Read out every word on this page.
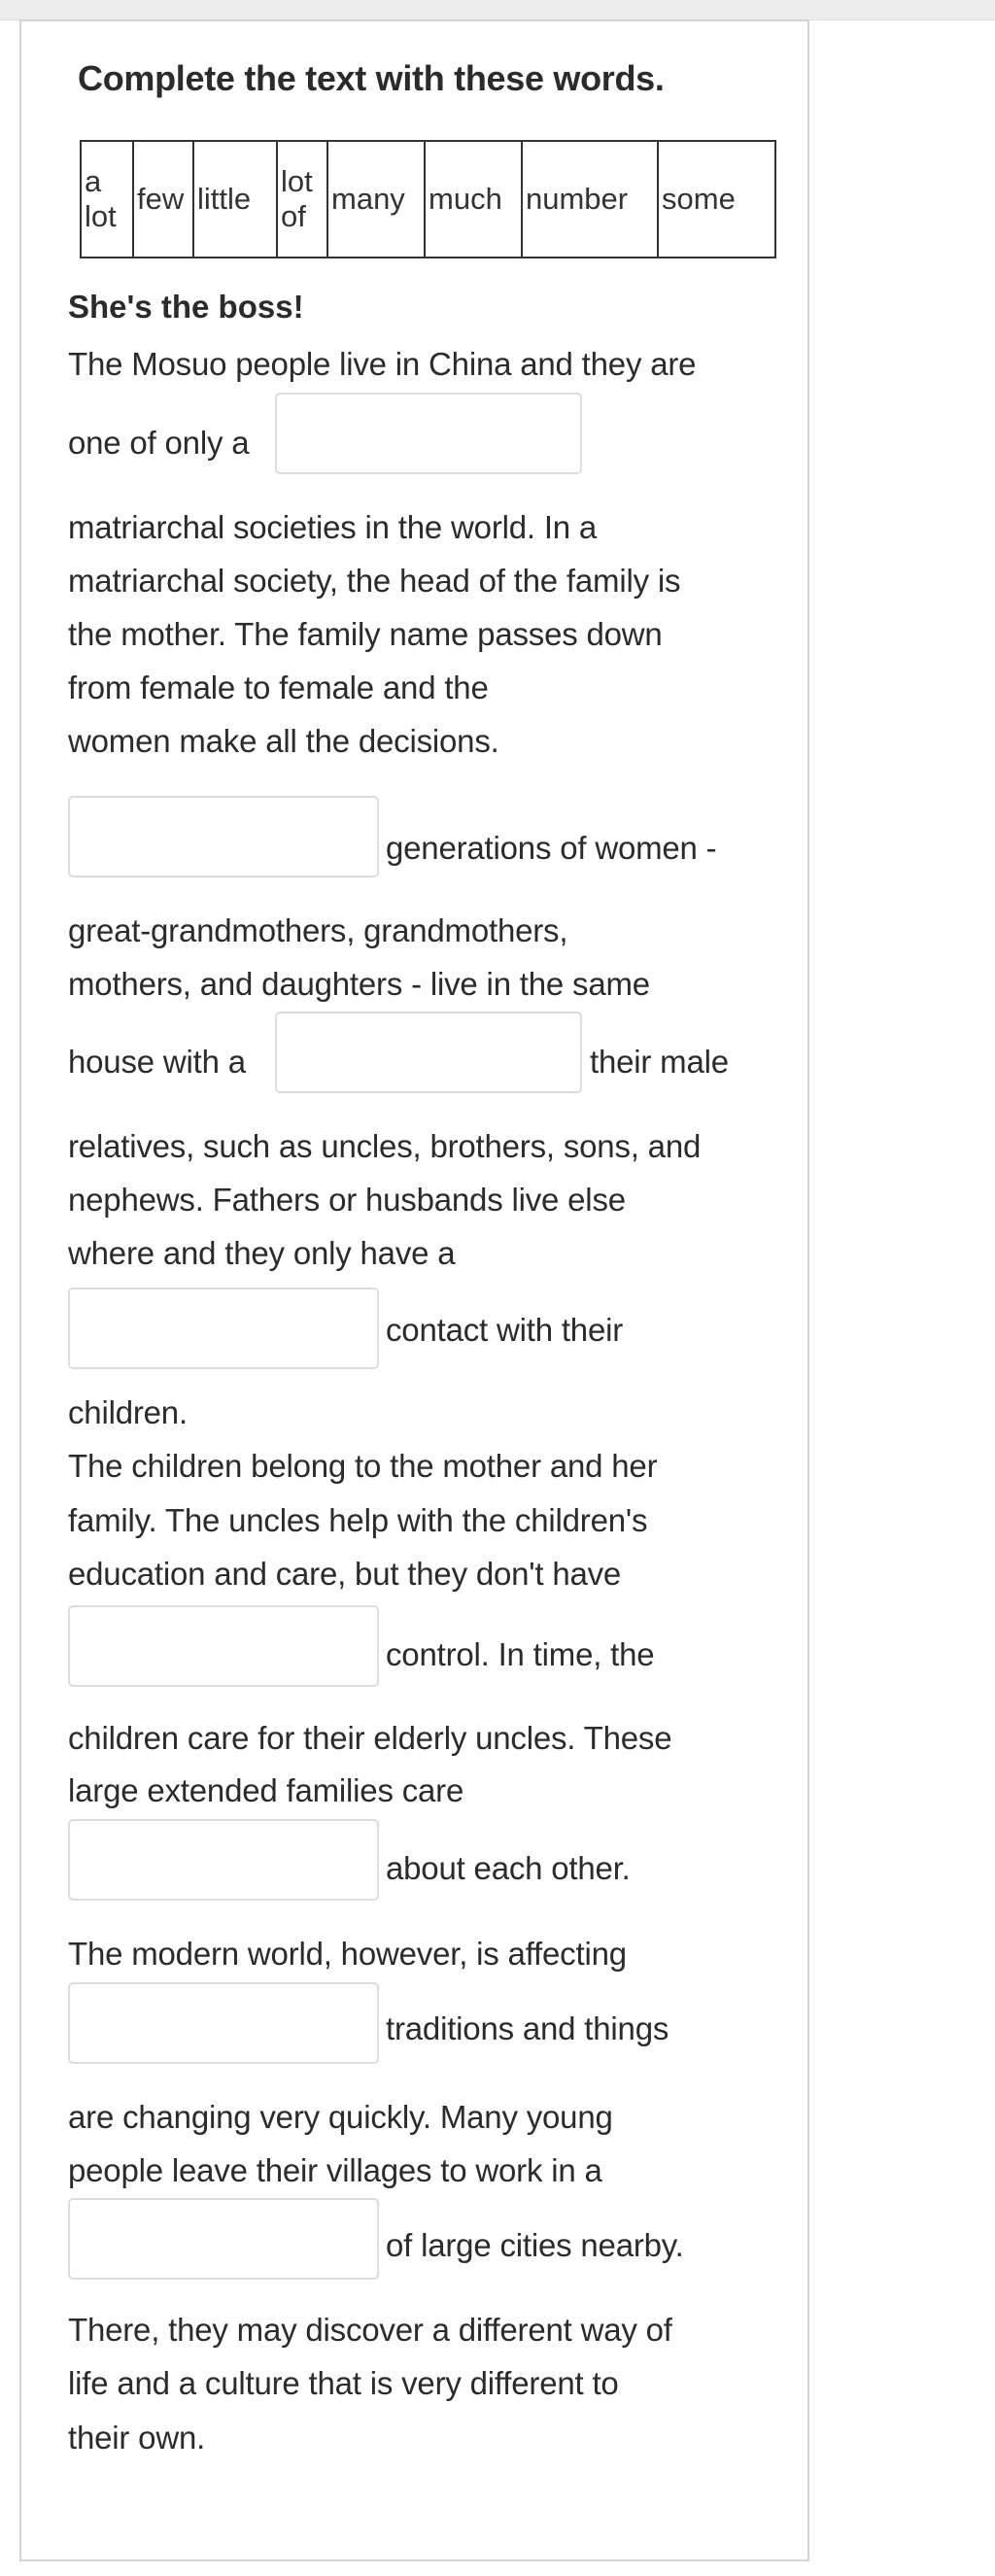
Complete the text with these words.
a lot	few	little	lot of	many	much	number	some
She's the boss!

The Mosuo people live in China and they are

one of only a

matriarchal societies in the world. In a

matriarchal society, the head of the family is

the mother. The family name passes down

from female to female and the

women make all the decisions.

generations of women -

great-grandmothers, grandmothers,

mothers, and daughters - live in the same

house with a	their male

relatives, such as uncles, brothers, sons, and

nephews. Fathers or husbands live else

where and they only have a

contact with their

children.

The children belong to the mother and her

family. The uncles help with the children's

education and care, but they don't have

control. In time, the

children care for their elderly uncles. These

large extended families care

about each other.

The modern world, however, is affecting

traditions and things

are changing very quickly. Many young

people leave their villages to work in a

of large cities nearby.

There, they may discover a different way of

life and a culture that is very different to

their own.
